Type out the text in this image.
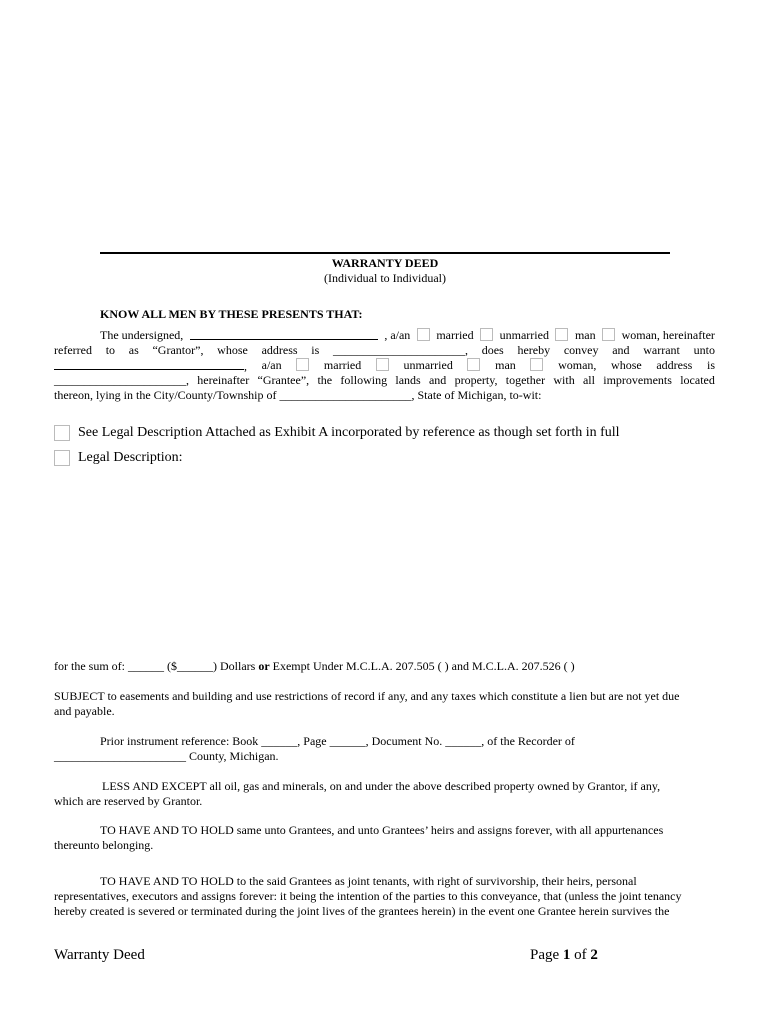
WARRANTY DEED
(Individual to Individual)
KNOW ALL MEN BY THESE PRESENTS THAT:
The undersigned,	, a/an married unmarried man woman, hereinafter
referred to as “Grantor”, whose address is ______________________, does hereby convey and warrant unto
, a/an	married	unmarried	man	woman, whose address is
______________________, hereinafter “Grantee”, the following lands and property, together with all improvements located
thereon, lying in the City/County/Township of ______________________, State of Michigan, to-wit:
See Legal Description Attached as Exhibit A incorporated by reference as though set forth in full
Legal Description:
for the sum of: ______ ($______) Dollars or Exempt Under M.C.L.A. 207.505 ( ) and M.C.L.A. 207.526 ( )
SUBJECT to easements and building and use restrictions of record if any, and any taxes which constitute a lien but are not yet due
and payable.
Prior instrument reference: Book ______, Page ______, Document No. ______, of the Recorder of
______________________ County, Michigan.
LESS AND EXCEPT all oil, gas and minerals, on and under the above described property owned by Grantor, if any,
which are reserved by Grantor.
TO HAVE AND TO HOLD same unto Grantees, and unto Grantees’ heirs and assigns forever, with all appurtenances
thereunto belonging.
TO HAVE AND TO HOLD to the said Grantees as joint tenants, with right of survivorship, their heirs, personal
representatives, executors and assigns forever: it being the intention of the parties to this conveyance, that (unless the joint tenancy
hereby created is severed or terminated during the joint lives of the grantees herein) in the event one Grantee herein survives the
Warranty Deed	Page 1 of 2
